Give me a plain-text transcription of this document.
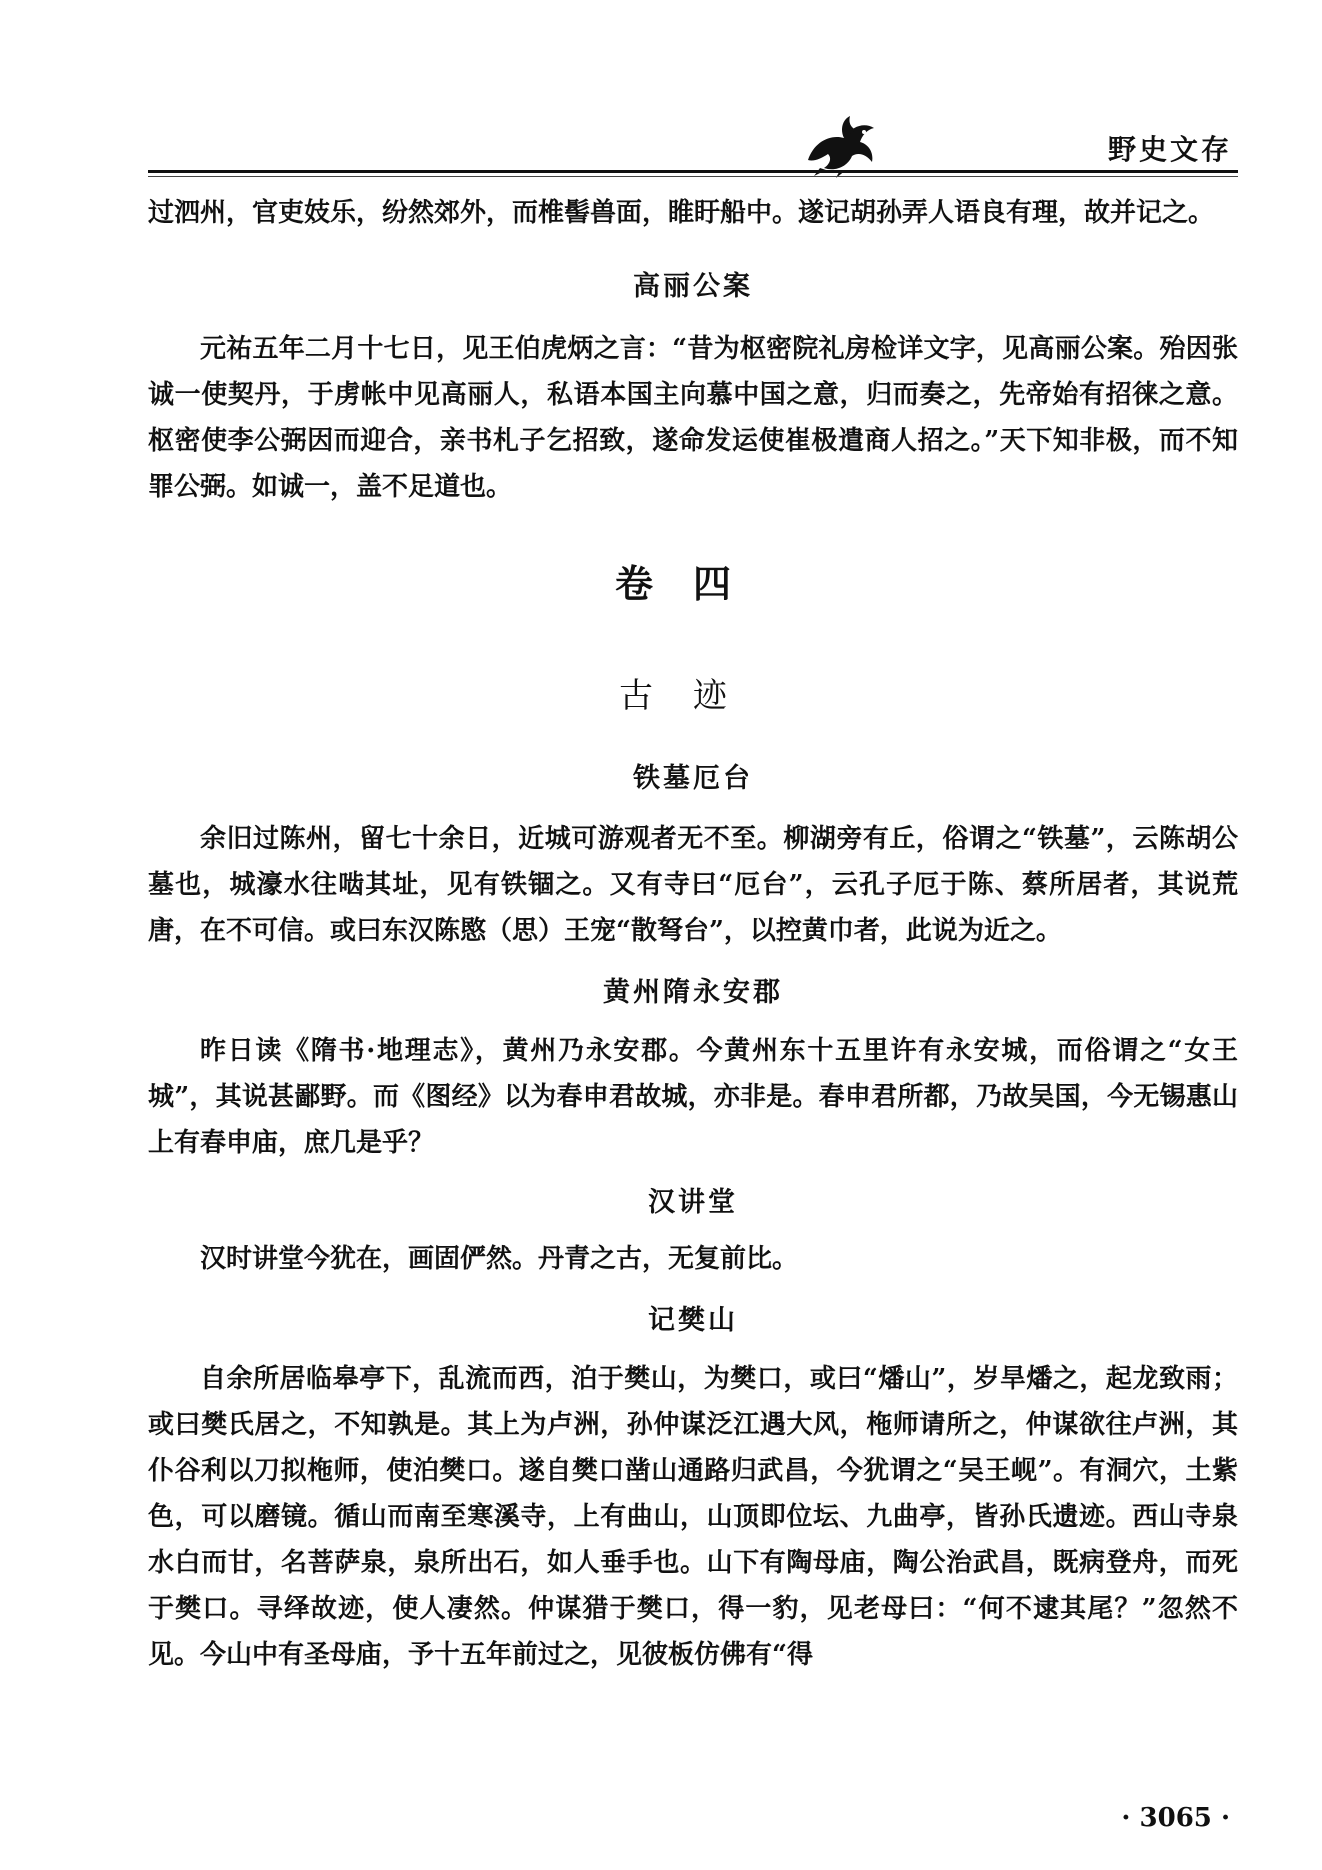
野史文存

过泗州，官吏妓乐，纷然郊外，而椎髻兽面，睢盱船中。遂记胡孙弄人语良有理，故并记之。

高丽公案

元祐五年二月十七日，见王伯虎炳之言：“昔为枢密院礼房检详文字，见高丽公案。殆因张诚一使契丹，于虏帐中见高丽人，私语本国主向慕中国之意，归而奏之，先帝始有招徕之意。枢密使李公弼因而迎合，亲书札子乞招致，遂命发运使崔极遣商人招之。”天下知非极，而不知罪公弼。如诚一，盖不足道也。

卷四
古迹
铁墓厄台

余旧过陈州，留七十余日，近城可游观者无不至。柳湖旁有丘，俗谓之“铁墓”，云陈胡公墓也，城濠水往啮其址，见有铁锢之。又有寺曰“厄台”，云孔子厄于陈、蔡所居者，其说荒唐，在不可信。或曰东汉陈愍（思）王宠“散弩台”，以控黄巾者，此说为近之。

黄州隋永安郡

昨日读《隋书·地理志》，黄州乃永安郡。今黄州东十五里许有永安城，而俗谓之“女王城”，其说甚鄙野。而《图经》以为春申君故城，亦非是。春申君所都，乃故吴国，今无锡惠山上有春申庙，庶几是乎？

汉讲堂

汉时讲堂今犹在，画固俨然。丹青之古，无复前比。

记樊山

自余所居临皋亭下，乱流而西，泊于樊山，为樊口，或曰“燔山”，岁旱燔之，起龙致雨；或曰樊氏居之，不知孰是。其上为卢洲，孙仲谋泛江遇大风，柂师请所之，仲谋欲往卢洲，其仆谷利以刀拟柂师，使泊樊口。遂自樊口凿山通路归武昌，今犹谓之“吴王岘”。有洞穴，土紫色，可以磨镜。循山而南至寒溪寺，上有曲山，山顶即位坛、九曲亭，皆孙氏遗迹。西山寺泉水白而甘，名菩萨泉，泉所出石，如人垂手也。山下有陶母庙，陶公治武昌，既病登舟，而死于樊口。寻绎故迹，使人凄然。仲谋猎于樊口，得一豹，见老母曰：“何不逮其尾？”忽然不见。今山中有圣母庙，予十五年前过之，见彼板仿佛有“得

· 3065 ·
